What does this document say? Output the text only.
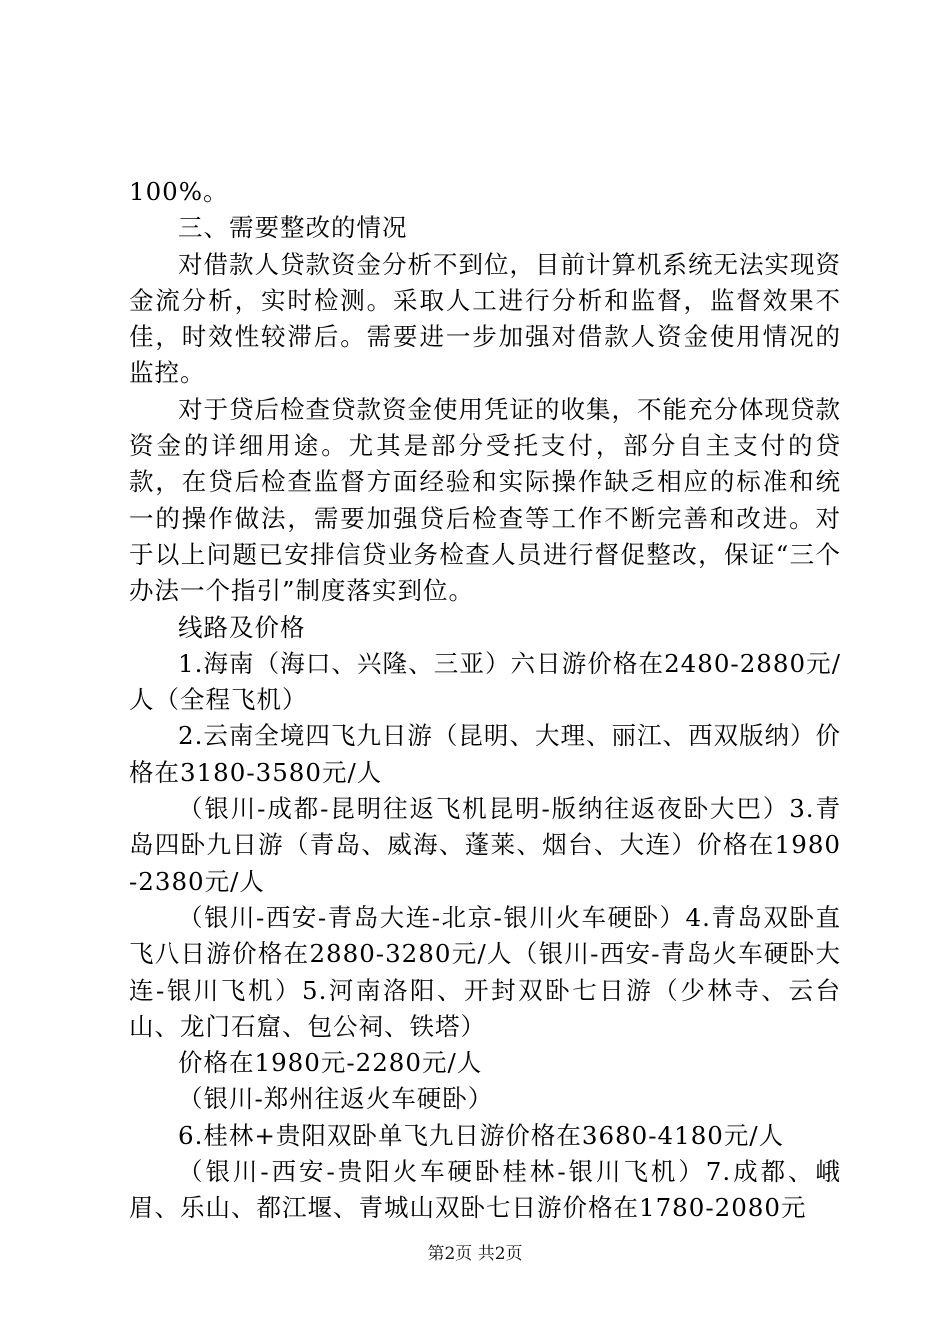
100%。

三、需要整改的情况

对借款人贷款资金分析不到位，目前计算机系统无法实现资金流分析，实时检测。采取人工进行分析和监督，监督效果不佳，时效性较滞后。需要进一步加强对借款人资金使用情况的监控。

对于贷后检查贷款资金使用凭证的收集，不能充分体现贷款资金的详细用途。尤其是部分受托支付，部分自主支付的贷款，在贷后检查监督方面经验和实际操作缺乏相应的标准和统一的操作做法，需要加强贷后检查等工作不断完善和改进。对于以上问题已安排信贷业务检查人员进行督促整改，保证“三个办法一个指引”制度落实到位。

线路及价格

1.海南（海口、兴隆、三亚）六日游价格在2480-2880元/人（全程飞机）

2.云南全境四飞九日游（昆明、大理、丽江、西双版纳）价格在3180-3580元/人

（银川-成都-昆明往返飞机昆明-版纳往返夜卧大巴）3.青岛四卧九日游（青岛、威海、蓬莱、烟台、大连）价格在1980-2380元/人

（银川-西安-青岛大连-北京-银川火车硬卧）4.青岛双卧直飞八日游价格在2880-3280元/人（银川-西安-青岛火车硬卧大连-银川飞机）5.河南洛阳、开封双卧七日游（少林寺、云台山、龙门石窟、包公祠、铁塔）

价格在1980元-2280元/人

（银川-郑州往返火车硬卧）

6.桂林+贵阳双卧单飞九日游价格在3680-4180元/人

（银川-西安-贵阳火车硬卧桂林-银川飞机）7.成都、峨眉、乐山、都江堰、青城山双卧七日游价格在1780-2080元

第2页 共2页
